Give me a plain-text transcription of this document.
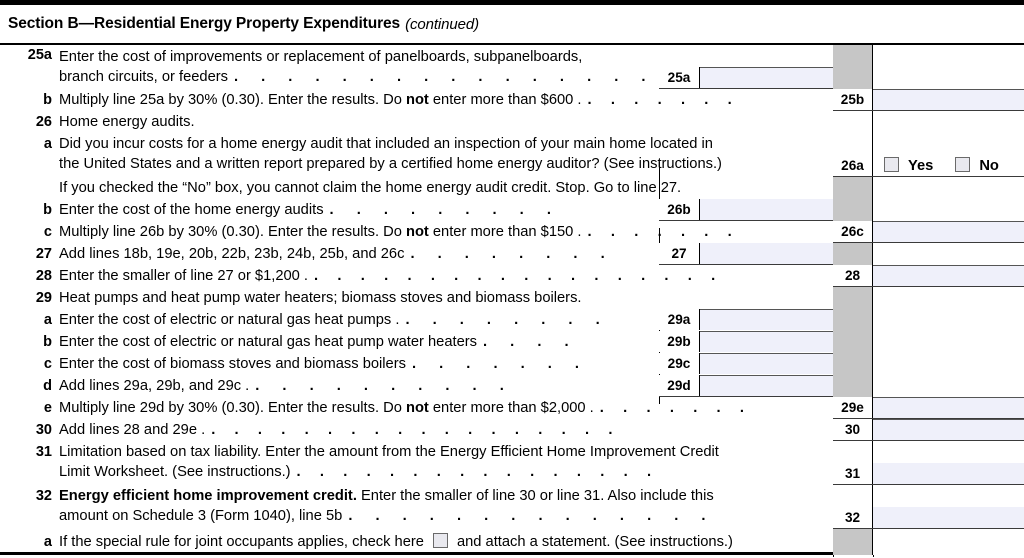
Section B—Residential Energy Property Expenditures (continued)
25a Enter the cost of improvements or replacement of panelboards, subpanelboards,
branch circuits, or feeders . . . . . . . . . . . . . . . . 25a
b Multiply line 25a by 30% (0.30). Enter the results. Do not enter more than $600 . . . . . . . .	25b
26 Home energy audits.
a Did you incur costs for a home energy audit that included an inspection of your main home located in
the United States and a written report prepared by a certified home energy auditor? (See instructions.)	26a	Yes	No
If you checked the “No” box, you cannot claim the home energy audit credit. Stop. Go to line 27.
b Enter the cost of the home energy audits . . . . . . . . .	26b
c Multiply line 26b by 30% (0.30). Enter the results. Do not enter more than $150 . . . . . . . .	26c
27 Add lines 18b, 19e, 20b, 22b, 23b, 24b, 25b, and 26c . . . . . . . .	27
28 Enter the smaller of line 27 or $1,200 . . . . . . . . . . . . . . . . . . .	28
29 Heat pumps and heat pump water heaters; biomass stoves and biomass boilers.
a Enter the cost of electric or natural gas heat pumps . . . . . . . . .	29a
b Enter the cost of electric or natural gas heat pump water heaters . . . .	29b
c Enter the cost of biomass stoves and biomass boilers . . . . . . .	29c
d Add lines 29a, 29b, and 29c . . . . . . . . . . .	29d
e Multiply line 29d by 30% (0.30). Enter the results. Do not enter more than $2,000 . . . . . . . .	29e
30 Add lines 28 and 29e . . . . . . . . . . . . . . . . . . .	30
31 Limitation based on tax liability. Enter the amount from the Energy Efficient Home Improvement Credit
Limit Worksheet. (See instructions.) . . . . . . . . . . . . . . . .	31
32 Energy efficient home improvement credit. Enter the smaller of line 30 or line 31. Also include this
amount on Schedule 3 (Form 1040), line 5b . . . . . . . . . . . . . .	32
a If the special rule for joint occupants applies, check here and attach a statement. (See instructions.)
